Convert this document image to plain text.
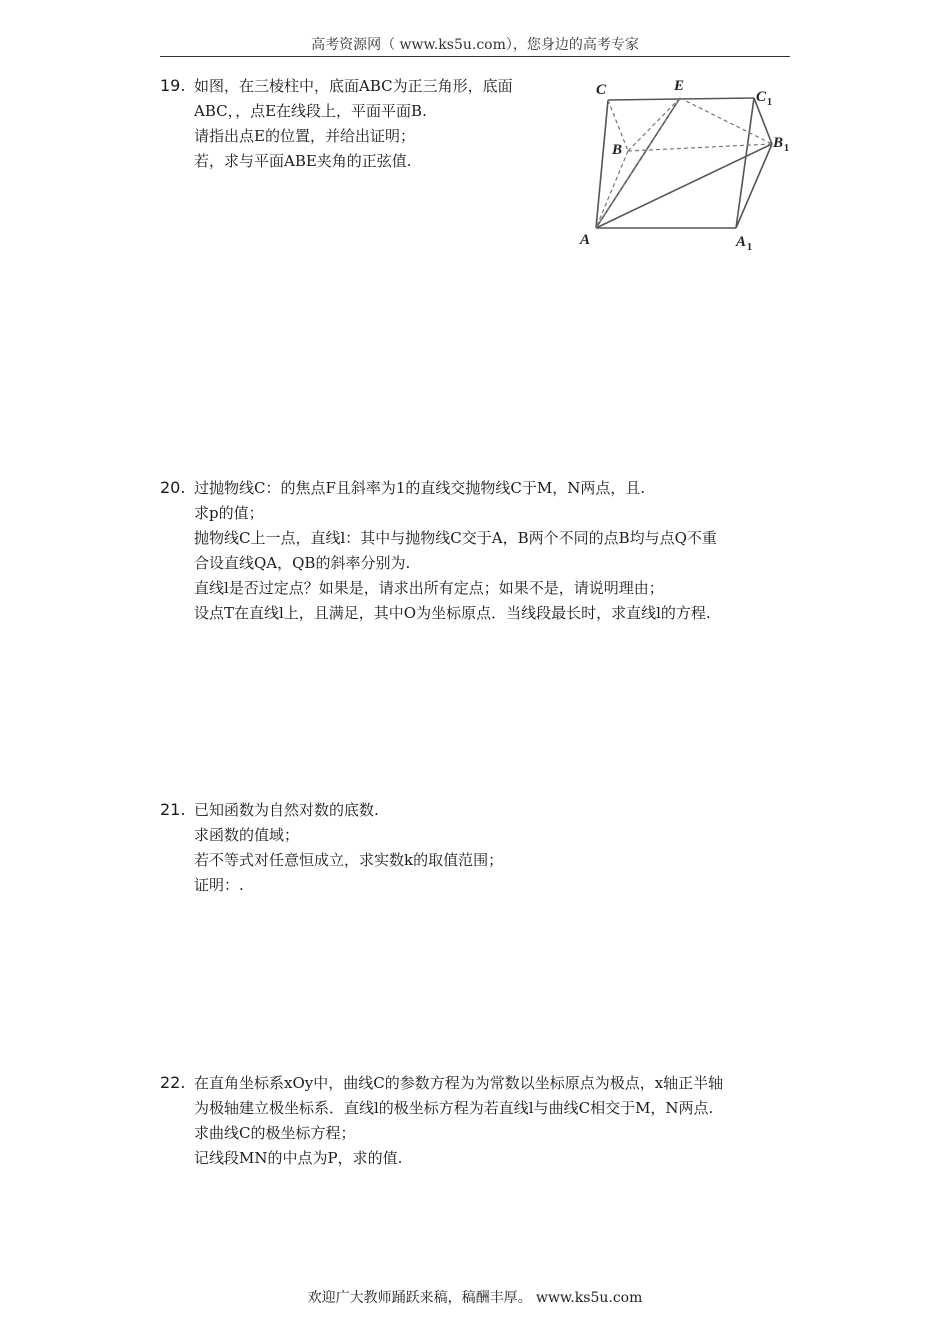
高考资源网（ www.ks5u.com），您身边的高考专家
19. 如图，在三棱柱中，底面ABC为正三角形，底面
ABC，，点E在线段上，平面平面B.
请指出点E的位置，并给出证明；
若，求与平面ABE夹角的正弦值.
C	E
C 1
B	B 1
A	A 1
20. 过抛物线C：的焦点F且斜率为1的直线交抛物线C于M，N两点，且.
求p的值；
抛物线C上一点，直线l：其中与抛物线C交于A，B两个不同的点B均与点Q不重
合设直线QA，QB的斜率分别为.
直线l是否过定点？如果是，请求出所有定点；如果不是，请说明理由；
设点T在直线l上，且满足，其中O为坐标原点．当线段最长时，求直线l的方程.
21. 已知函数为自然对数的底数.
求函数的值域；
若不等式对任意恒成立，求实数k的取值范围；
证明：.
22. 在直角坐标系xOy中，曲线C的参数方程为为常数以坐标原点为极点，x轴正半轴
为极轴建立极坐标系．直线l的极坐标方程为若直线l与曲线C相交于M，N两点.
求曲线C的极坐标方程；
记线段MN的中点为P，求的值.
欢迎广大教师踊跃来稿，稿酬丰厚。 www.ks5u.com
